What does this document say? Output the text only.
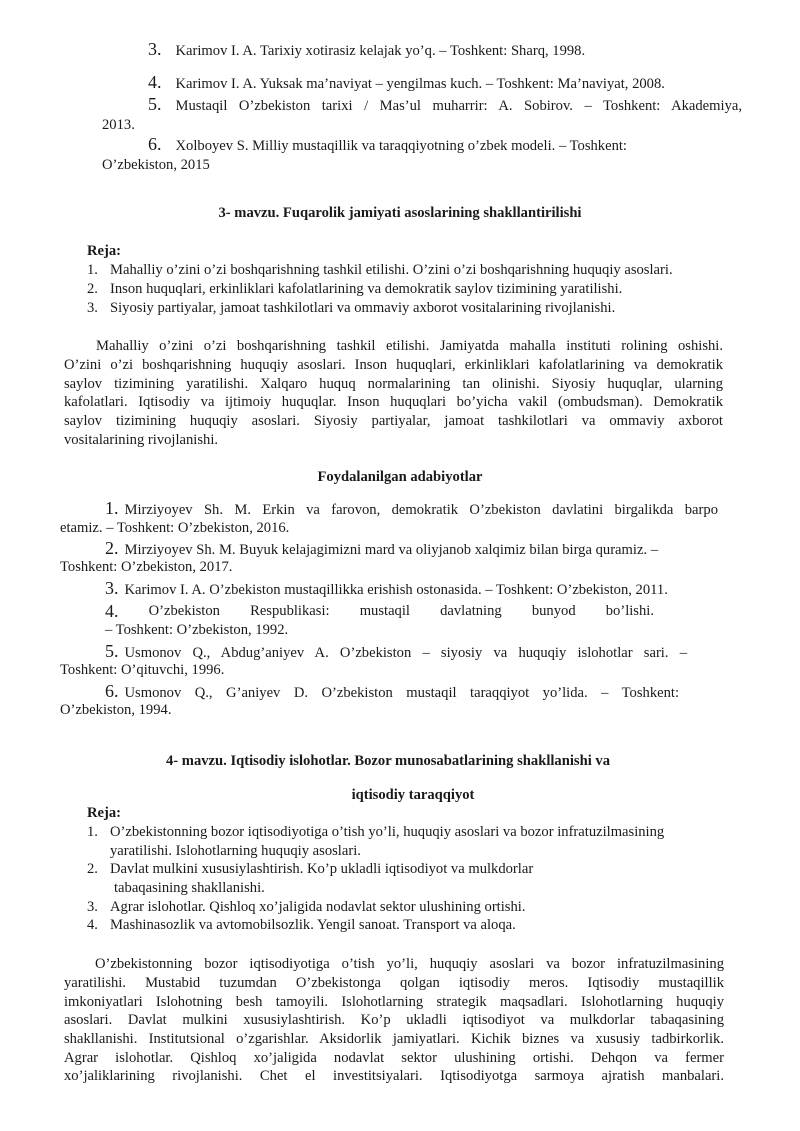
3. Karimov I. A. Tarixiy xotirasiz kelajak yo’q. – Toshkent: Sharq, 1998.
4. Karimov I. A. Yuksak ma’naviyat – yengilmas kuch. – Toshkent: Ma’naviyat, 2008.
5. Mustaqil O’zbekiston tarixi / Mas’ul muharrir: A. Sobirov. – Toshkent: Akademiya,
2013.
6. Xolboyev S. Milliy mustaqillik va taraqqiyotning o’zbek modeli. – Toshkent:
O’zbekiston, 2015
3- mavzu. Fuqarolik jamiyati asoslarining shakllantirilishi
Reja:
1. Mahalliy o’zini o’zi boshqarishning tashkil etilishi. O’zini o’zi boshqarishning huquqiy asoslari.
2. Inson huquqlari, erkinliklari kafolatlarining va demokratik saylov tizimining yaratilishi.
3. Siyosiy partiyalar, jamoat tashkilotlari va ommaviy axborot vositalarining rivojlanishi.
Mahalliy o’zini o’zi boshqarishning tashkil etilishi. Jamiyatda mahalla instituti rolining oshishi.
O’zini o’zi boshqarishning huquqiy asoslari. Inson huquqlari, erkinliklari kafolatlarining va demokratik
saylov tizimining yaratilishi. Xalqaro huquq normalarining tan olinishi. Siyosiy huquqlar, ularning
kafolatlari. Iqtisodiy va ijtimoiy huquqlar. Inson huquqlari bo’yicha vakil (ombudsman). Demokratik
saylov tizimining huquqiy asoslari. Siyosiy partiyalar, jamoat tashkilotlari va ommaviy axborot
vositalarining rivojlanishi.
Foydalanilgan adabiyotlar
1. Mirziyoyev Sh. M. Erkin va farovon, demokratik O’zbekiston davlatini birgalikda barpo
etamiz. – Toshkent: O’zbekiston, 2016.
2. Mirziyoyev Sh. M. Buyuk kelajagimizni mard va oliyjanob xalqimiz bilan birga quramiz. –
Toshkent: O’zbekiston, 2017.
3. Karimov I. A. O’zbekiston mustaqillikka erishish ostonasida. – Toshkent: O’zbekiston, 2011.
4. O’zbekiston Respublikasi: mustaqil davlatning bunyod bo’lishi.
– Toshkent: O’zbekiston, 1992.
5. Usmonov Q., Abdug’aniyev A. O’zbekiston – siyosiy va huquqiy islohotlar sari. –
Toshkent: O’qituvchi, 1996.
6. Usmonov Q., G’aniyev D. O’zbekiston mustaqil taraqqiyot yo’lida. – Toshkent:
O’zbekiston, 1994.
4- mavzu. Iqtisodiy islohotlar. Bozor munosabatlarining shakllanishi va
iqtisodiy taraqqiyot
Reja:
1. O’zbekistonning bozor iqtisodiyotiga o’tish yo’li, huquqiy asoslari va bozor infratuzilmasining
yaratilishi. Islohotlarning huquqiy asoslari.
2. Davlat mulkini xususiylashtirish. Ko’p ukladli iqtisodiyot va mulkdorlar
tabaqasining shakllanishi.
3. Agrar islohotlar. Qishloq xo’jaligida nodavlat sektor ulushining ortishi.
4. Mashinasozlik va avtomobilsozlik. Yengil sanoat. Transport va aloqa.
O’zbekistonning bozor iqtisodiyotiga o’tish yo’li, huquqiy asoslari va bozor infratuzilmasining
yaratilishi. Mustabid tuzumdan O’zbekistonga qolgan iqtisodiy meros. Iqtisodiy mustaqillik
imkoniyatlari Islohotning besh tamoyili. Islohotlarning strategik maqsadlari. Islohotlarning huquqiy
asoslari. Davlat mulkini xususiylashtirish. Ko’p ukladli iqtisodiyot va mulkdorlar tabaqasining
shakllanishi. Institutsional o’zgarishlar. Aksidorlik jamiyatlari. Kichik biznes va xususiy tadbirkorlik.
Agrar islohotlar. Qishloq xo’jaligida nodavlat sektor ulushining ortishi. Dehqon va fermer
xo’jaliklarining rivojlanishi. Chet el investitsiyalari. Iqtisodiyotga sarmoya ajratish manbalari.
